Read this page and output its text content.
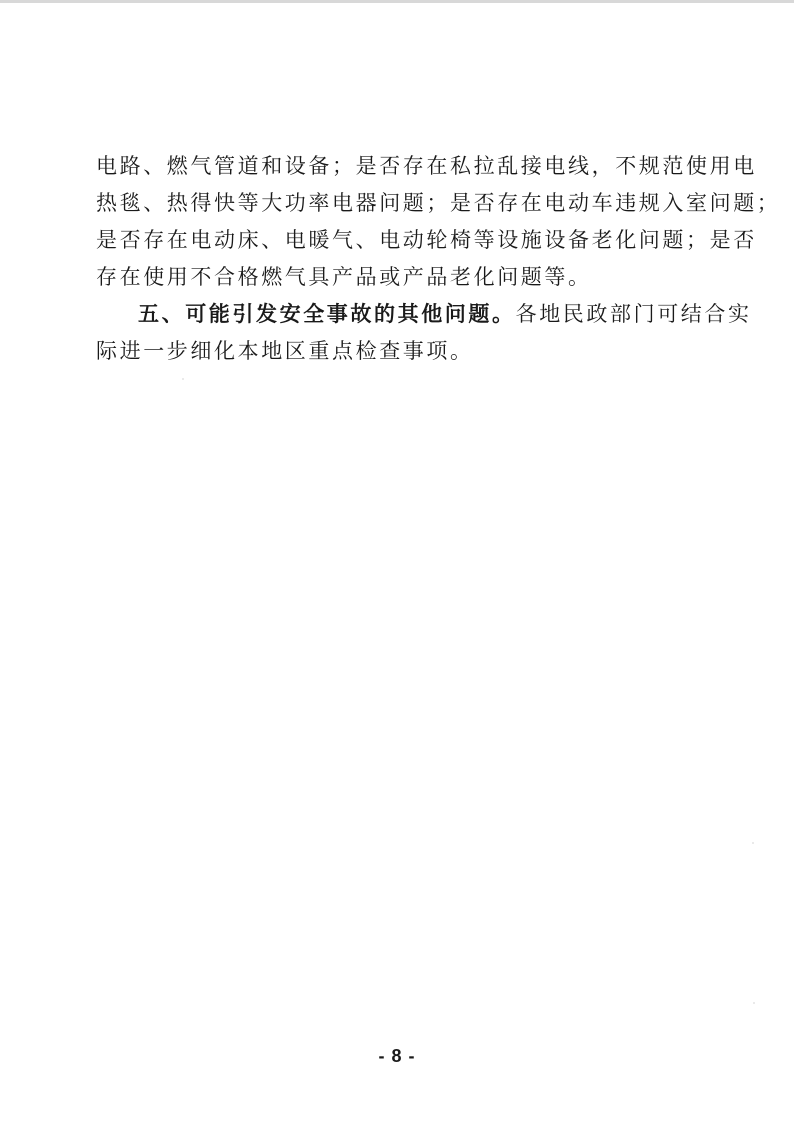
电路、燃气管道和设备；是否存在私拉乱接电线，不规范使用电
热毯、热得快等大功率电器问题；是否存在电动车违规入室问题；
是否存在电动床、电暖气、电动轮椅等设施设备老化问题；是否
存在使用不合格燃气具产品或产品老化问题等。
五、可能引发安全事故的其他问题。各地民政部门可结合实
际进一步细化本地区重点检查事项。
- 8 -
